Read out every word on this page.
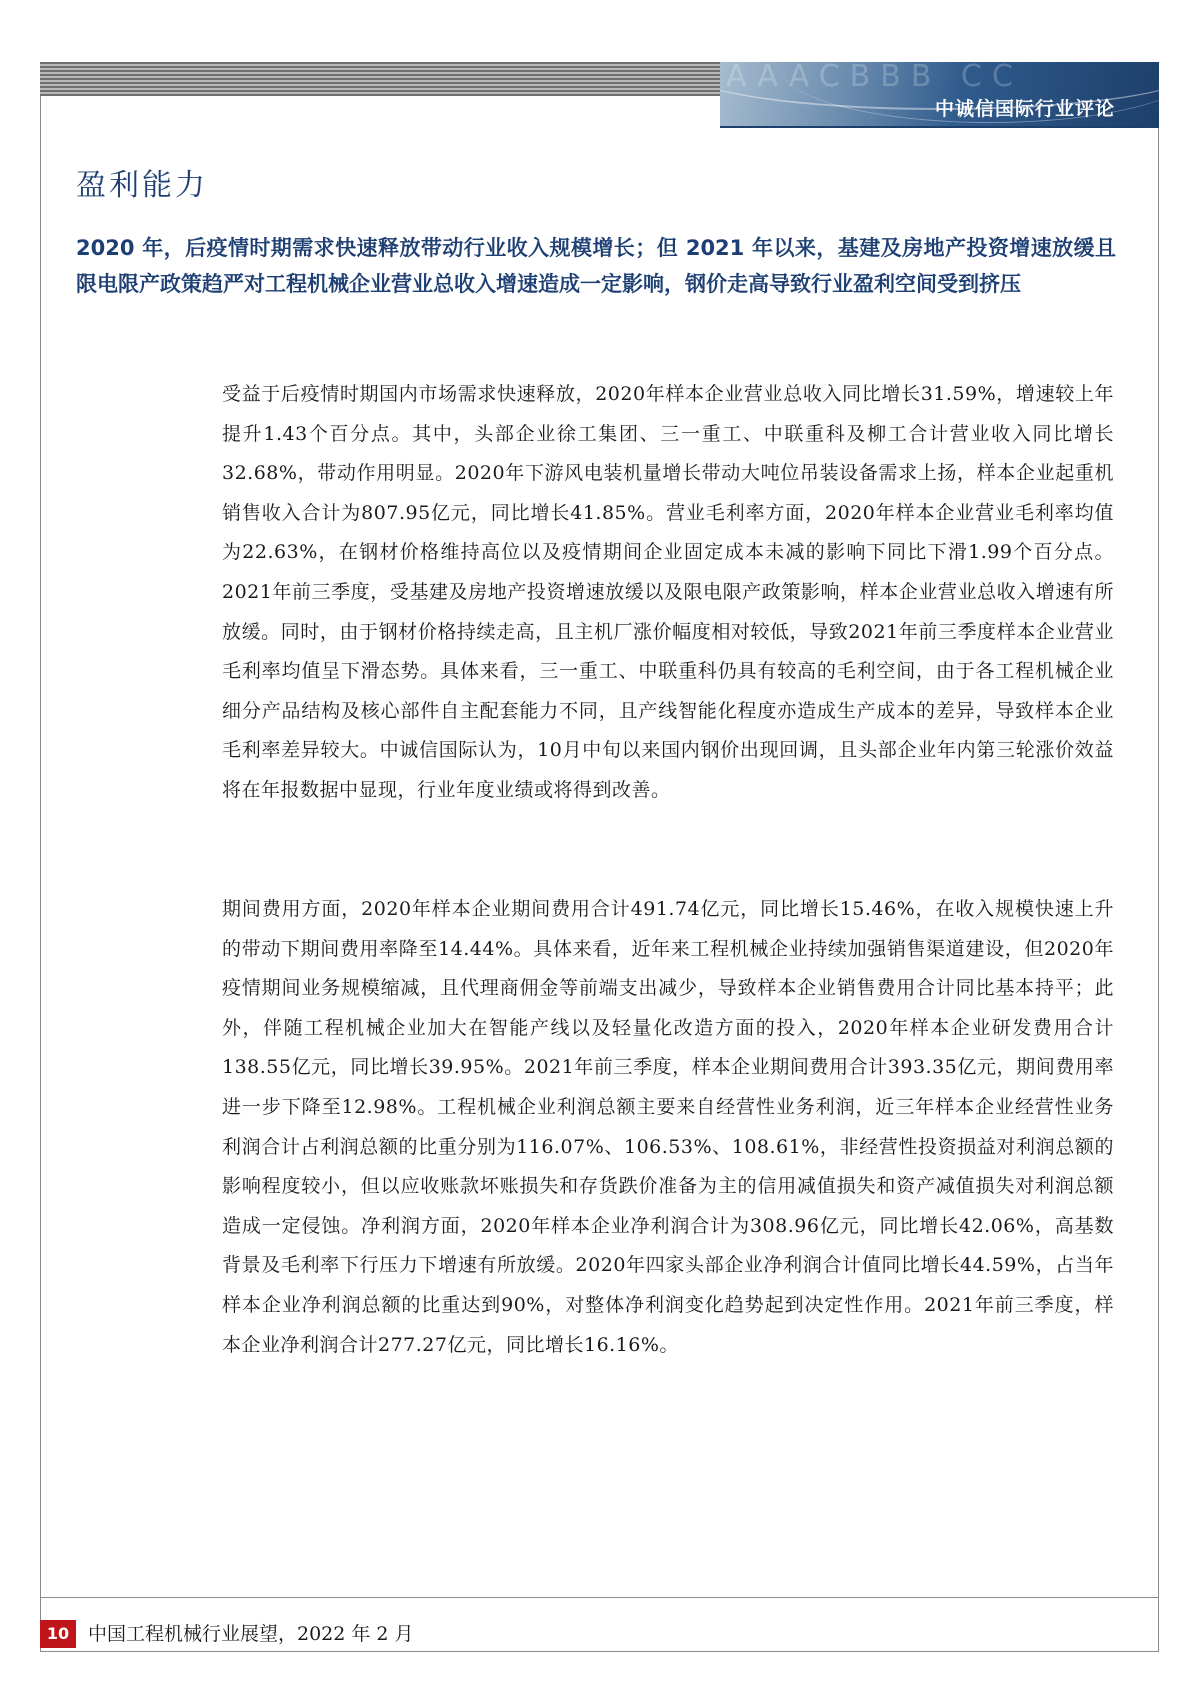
AAACBBB CC
中诚信国际行业评论
盈利能力
2020 年，后疫情时期需求快速释放带动行业收入规模增长；但 2021 年以来，基建及房地产投资增速放缓且限电限产政策趋严对工程机械企业营业总收入增速造成一定影响，钢价走高导致行业盈利空间受到挤压

受益于后疫情时期国内市场需求快速释放，2020年样本企业营业总收入同比增长31.59%，增速较上年提升1.43个百分点。其中，头部企业徐工集团、三一重工、中联重科及柳工合计营业收入同比增长32.68%，带动作用明显。2020年下游风电装机量增长带动大吨位吊装设备需求上扬，样本企业起重机销售收入合计为807.95亿元，同比增长41.85%。营业毛利率方面，2020年样本企业营业毛利率均值为22.63%，在钢材价格维持高位以及疫情期间企业固定成本未减的影响下同比下滑1.99个百分点。2021年前三季度，受基建及房地产投资增速放缓以及限电限产政策影响，样本企业营业总收入增速有所放缓。同时，由于钢材价格持续走高，且主机厂涨价幅度相对较低，导致2021年前三季度样本企业营业毛利率均值呈下滑态势。具体来看，三一重工、中联重科仍具有较高的毛利空间，由于各工程机械企业细分产品结构及核心部件自主配套能力不同，且产线智能化程度亦造成生产成本的差异，导致样本企业毛利率差异较大。中诚信国际认为，10月中旬以来国内钢价出现回调，且头部企业年内第三轮涨价效益将在年报数据中显现，行业年度业绩或将得到改善。

期间费用方面，2020年样本企业期间费用合计491.74亿元，同比增长15.46%，在收入规模快速上升的带动下期间费用率降至14.44%。具体来看，近年来工程机械企业持续加强销售渠道建设，但2020年疫情期间业务规模缩减，且代理商佣金等前端支出减少，导致样本企业销售费用合计同比基本持平；此外，伴随工程机械企业加大在智能产线以及轻量化改造方面的投入，2020年样本企业研发费用合计138.55亿元，同比增长39.95%。2021年前三季度，样本企业期间费用合计393.35亿元，期间费用率进一步下降至12.98%。工程机械企业利润总额主要来自经营性业务利润，近三年样本企业经营性业务利润合计占利润总额的比重分别为116.07%、106.53%、108.61%，非经营性投资损益对利润总额的影响程度较小，但以应收账款坏账损失和存货跌价准备为主的信用减值损失和资产减值损失对利润总额造成一定侵蚀。净利润方面，2020年样本企业净利润合计为308.96亿元，同比增长42.06%，高基数背景及毛利率下行压力下增速有所放缓。2020年四家头部企业净利润合计值同比增长44.59%，占当年样本企业净利润总额的比重达到90%，对整体净利润变化趋势起到决定性作用。2021年前三季度，样本企业净利润合计277.27亿元，同比增长16.16%。

10 中国工程机械行业展望，2022 年 2 月
